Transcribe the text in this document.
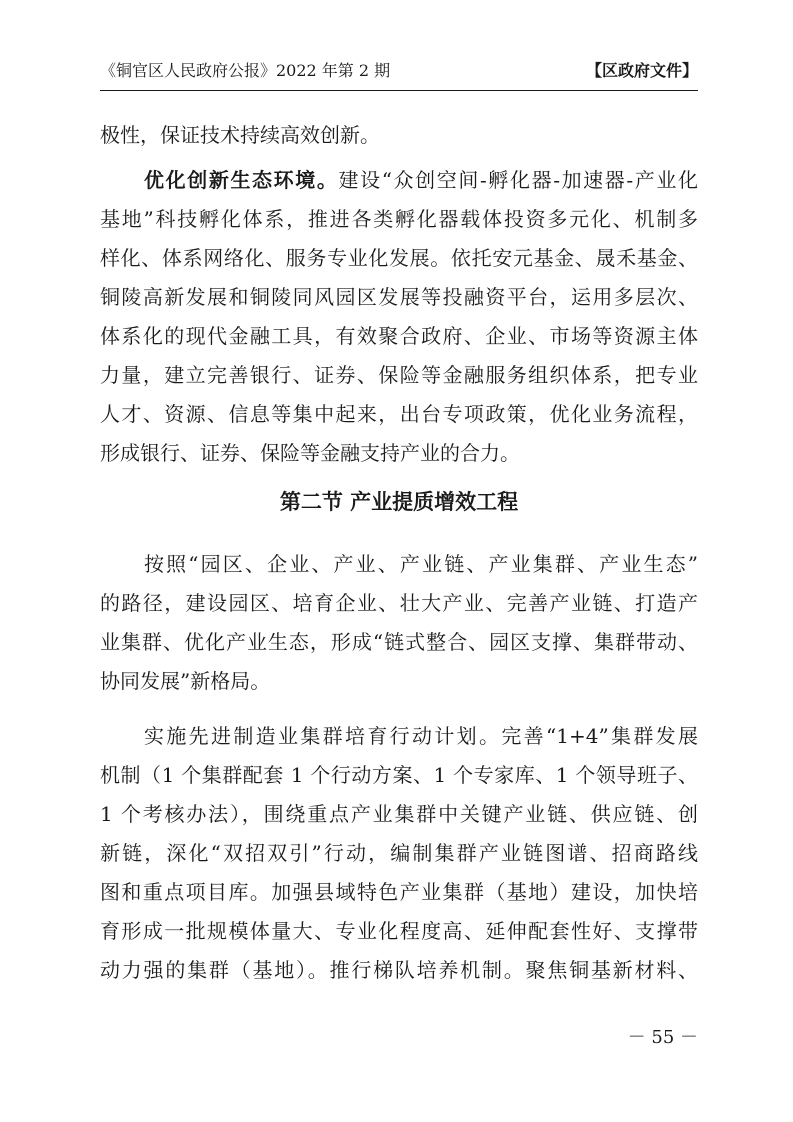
《铜官区人民政府公报》2022 年第 2 期	【区政府文件】
极性，保证技术持续高效创新。
优化创新生态环境。建设“众创空间-孵化器-加速器-产业化
基地”科技孵化体系，推进各类孵化器载体投资多元化、机制多
样化、体系网络化、服务专业化发展。依托安元基金、晟禾基金、
铜陵高新发展和铜陵同风园区发展等投融资平台，运用多层次、
体系化的现代金融工具，有效聚合政府、企业、市场等资源主体
力量，建立完善银行、证券、保险等金融服务组织体系，把专业
人才、资源、信息等集中起来，出台专项政策，优化业务流程，
形成银行、证券、保险等金融支持产业的合力。
第二节 产业提质增效工程
按照“园区、企业、产业、产业链、产业集群、产业生态”
的路径，建设园区、培育企业、壮大产业、完善产业链、打造产
业集群、优化产业生态，形成“链式整合、园区支撑、集群带动、
协同发展”新格局。
实施先进制造业集群培育行动计划。完善“1+4”集群发展
机制（1 个集群配套 1 个行动方案、1 个专家库、1 个领导班子、
1 个考核办法），围绕重点产业集群中关键产业链、供应链、创
新链，深化“双招双引”行动，编制集群产业链图谱、招商路线
图和重点项目库。加强县域特色产业集群（基地）建设，加快培
育形成一批规模体量大、专业化程度高、延伸配套性好、支撑带
动力强的集群（基地）。推行梯队培养机制。聚焦铜基新材料、
－ 55 －
